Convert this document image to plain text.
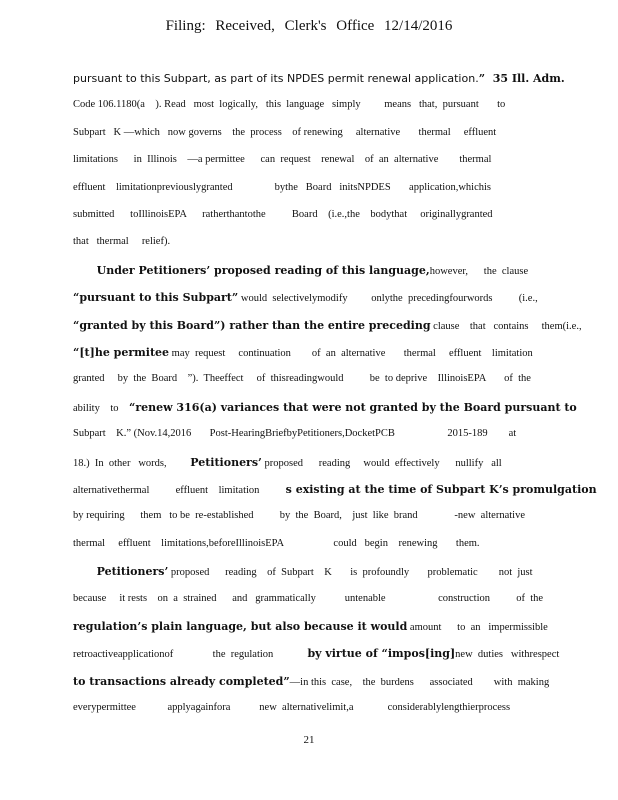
Filing: Received, Clerk's Office 12/14/2016
pursuant to this Subpart, as part of its NPDES permit renewal application.”  35 Ill. Adm.
Code 106.1180(a    ). Read   most  logically,   this  language   simply         means   that,  pursuant       to
Subpart   K —which   now governs    the  process    of renewing     alternative       thermal     effluent
limitations      in  Illinois    —a permittee      can  request    renewal    of  an  alternative        thermal
effluent    limitationpreviouslygranted                bythe   Board   initsNPDES       application,whichis
submitted      toIllinoisEPA      ratherthantothe          Board    (i.e.,the    bodythat     originallygranted
that   thermal     relief).
Under Petitioners’ proposed reading of this language,however,      the  clause
“pursuant to this Subpart” would  selectivelymodify         onlythe  precedingfourwords          (i.e.,
“granted by this Board”) rather than the entire preceding clause    that   contains     them(i.e.,
“[t]he permitee may  request     continuation        of  an  alternative       thermal     effluent    limitation
granted     by  the  Board    ”).  Theeffect     of  thisreadingwould          be  to deprive    IllinoisEPA       of  the
ability    to    “renew 316(a) variances that were not granted by the Board pursuant to
Subpart    K.” (Nov.14,2016       Post-HearingBriefbyPetitioners,DocketPCB                    2015-189        at
18.)  In  other   words,         Petitioners’ proposed      reading     would  effectively      nullify   all
alternativethermal          effluent    limitation          s existing at the time of Subpart K’s promulgation
by requiring      them   to be  re-established          by  the  Board,    just  like  brand              -new  alternative
thermal     effluent    limitations,beforeIllinoisEPA                   could   begin    renewing       them.
Petitioners’ proposed      reading    of  Subpart    K       is  profoundly       problematic        not  just
because     it rests    on  a  strained      and   grammatically           untenable                    construction          of  the
regulation’s plain language, but also because it would amount      to  an   impermissible
retroactiveapplicationof               the  regulation             by virtue of “impos[ing]new  duties   withrespect
to transactions already completed”—in this  case,    the  burdens      associated        with  making
everypermittee            applyagainfora           new  alternativelimit,a             considerablylengthierprocess
21
